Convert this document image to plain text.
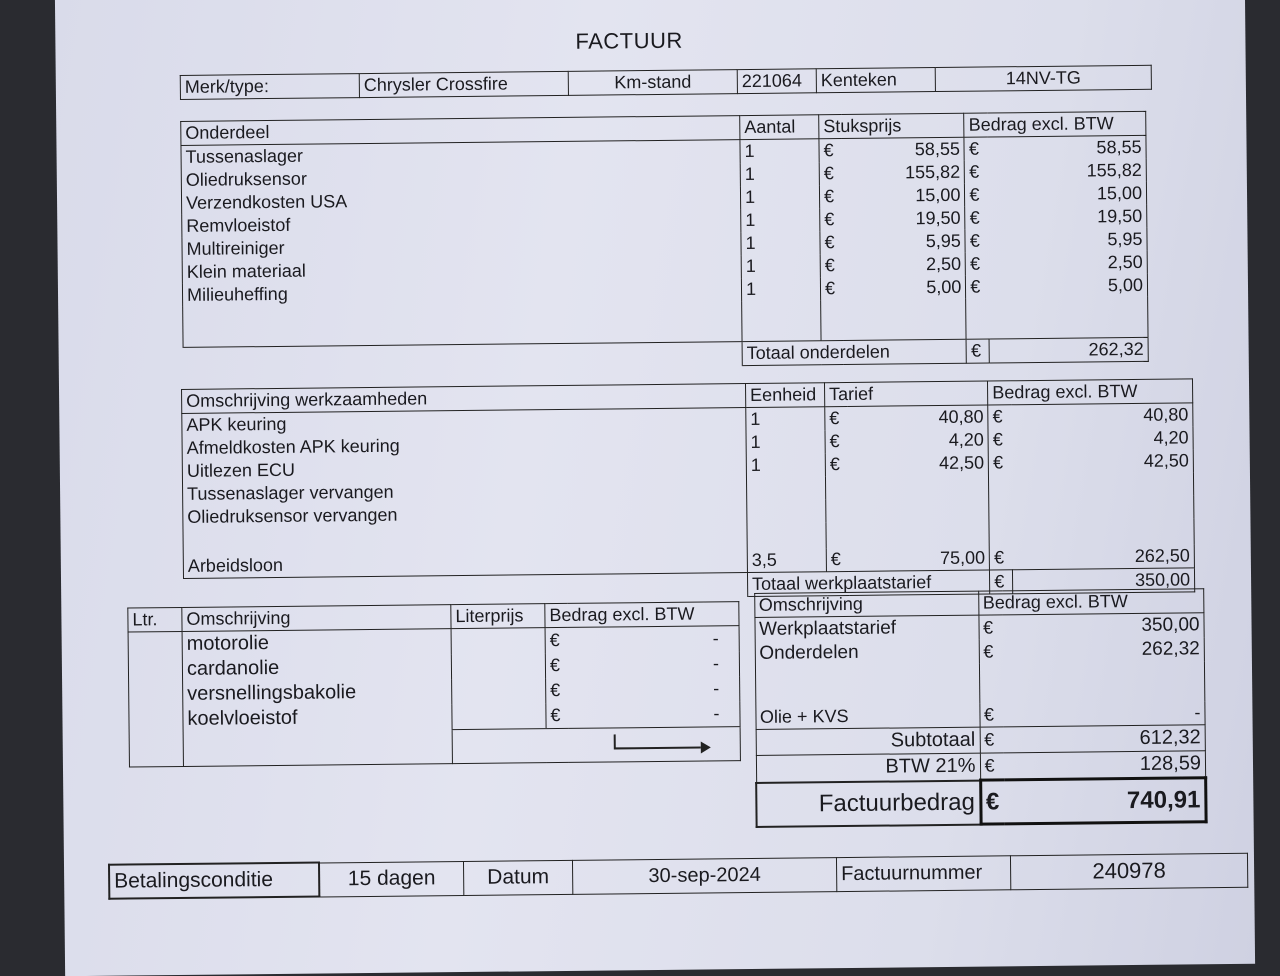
FACTUUR
Merk/type:	Chrysler Crossfire	Km-stand	221064	Kenteken	14NV-TG
Onderdeel	Aantal	Stuksprijs		Bedrag excl. BTW	
Tussenaslager	1	€	58,55	€	58,55
Oliedruksensor	1	€	155,82	€	155,82
Verzendkosten USA	1	€	15,00	€	15,00
Remvloeistof	1	€	19,50	€	19,50
Multireiniger	1	€	5,95	€	5,95
Klein materiaal	1	€	2,50	€	2,50
Milieuheffing	1	€	5,00	€	5,00

	Totaal onderdelen			€	262,32
Omschrijving werkzaamheden	Eenheid	Tarief		Bedrag excl. BTW	
APK keuring	1	€	40,80	€	40,80
Afmeldkosten APK keuring	1	€	4,20	€	4,20
Uitlezen ECU	1	€	42,50	€	42,50
Tussenaslager vervangen					
Oliedruksensor vervangen					

Arbeidsloon	3,5	€	75,00	€	262,50
	Totaal werkplaatstarief			€	350,00
Ltr.	Omschrijving	Literprijs	Bedrag excl. BTW	
	motorolie		€	-
	cardanolie		€	-
	versnellingsbakolie		€	-
	koelvloeistof		€	-

Omschrijving	Bedrag excl. BTW	
Werkplaatstarief	€	350,00
Onderdelen	€	262,32

Olie + KVS	€	-
Subtotaal	€	612,32
BTW 21%	€	128,59
Factuurbedrag	€	740,91
Betalingsconditie	15 dagen	Datum	30-sep-2024	Factuurnummer	240978
